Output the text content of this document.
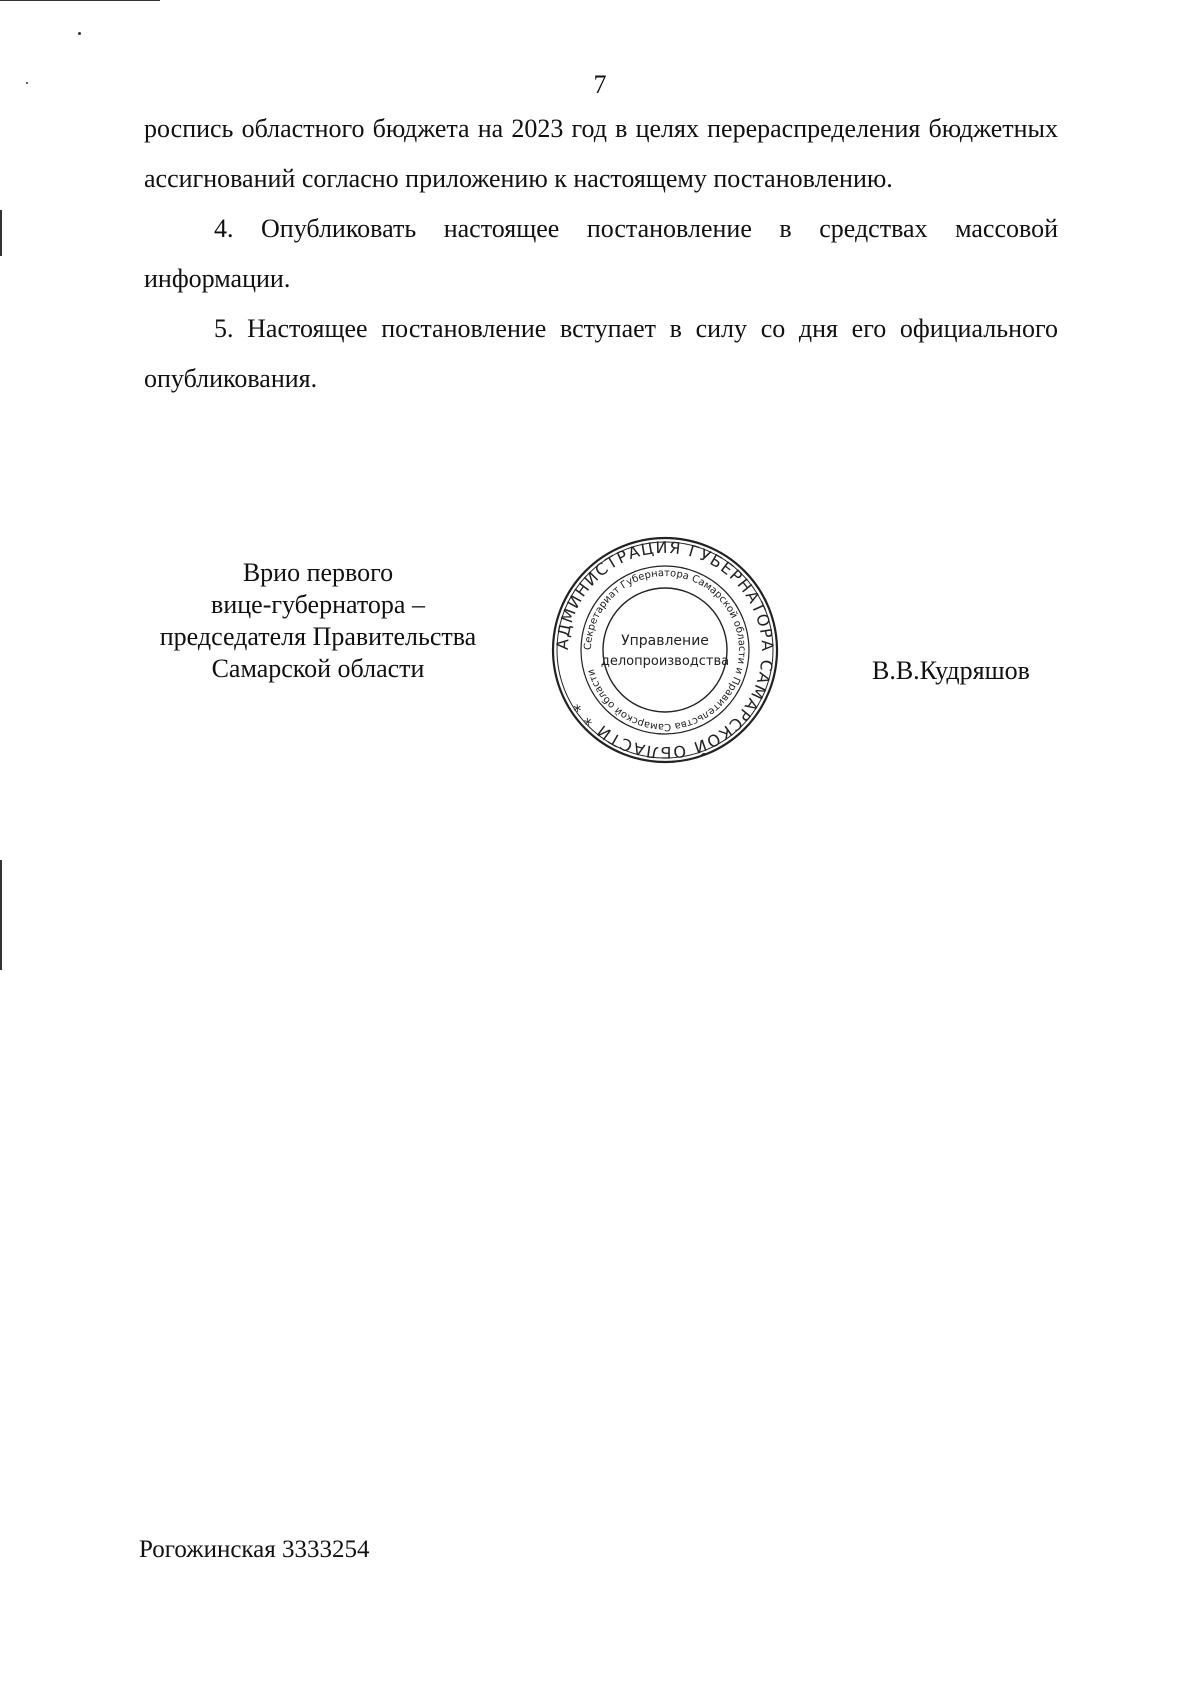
7

роспись областного бюджета на 2023 год в целях перераспределения бюджетных ассигнований согласно приложению к настоящему постановлению.

4. Опубликовать настоящее постановление в средствах массовой информации.

5. Настоящее постановление вступает в силу со дня его официального опубликования.

Врио первого
вице-губернатора –
председателя Правительства
Самарской области
АДМИНИСТРАЦИЯ ГУБЕРНАТОРА САМАРСКОЙ ОБЛАСТИ * *
Секретариат Губернатора Самарской области и Правительства Самарской области
Управление
делопроизводства	В.В.Кудряшов
Рогожинская 3333254
